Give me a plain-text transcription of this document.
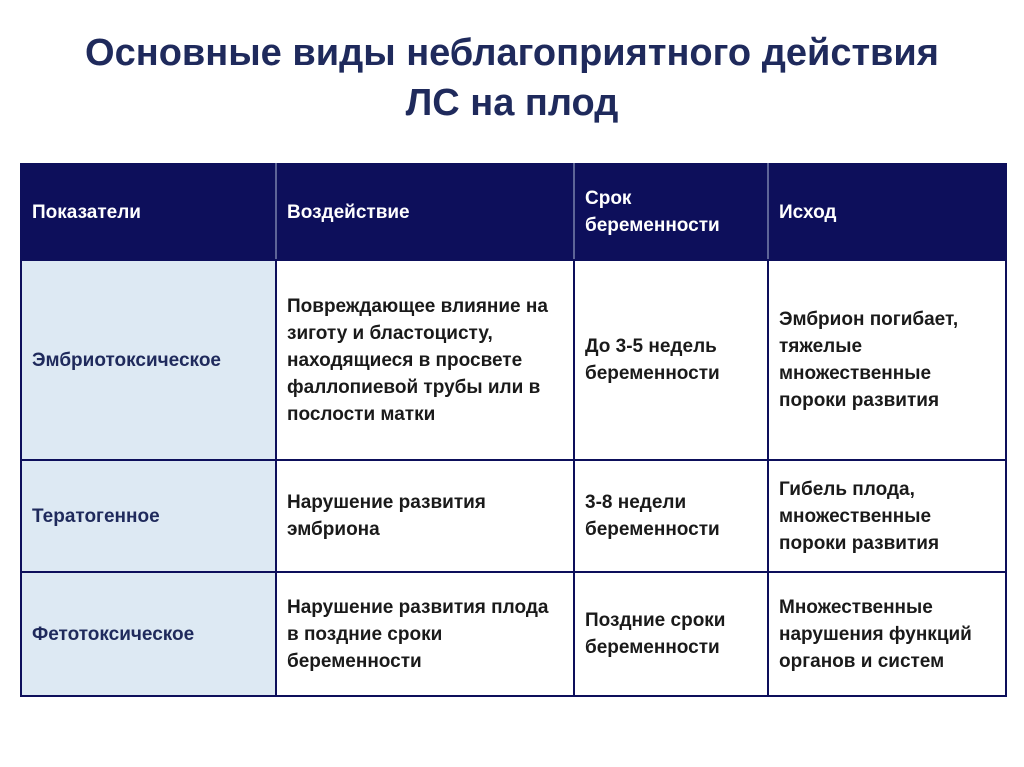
Основные виды неблагоприятного действия
ЛС на плод
Показатели	Воздействие	Срок беременности	Исход
Эмбриотоксическое	Повреждающее влияние на зиготу и бластоцисту, находящиеся в просвете фаллопиевой трубы или в послости матки	До 3-5 недель беременности	Эмбрион погибает, тяжелые множественные пороки развития
Тератогенное	Нарушение развития эмбриона	3-8 недели беременности	Гибель плода, множественные пороки развития
Фетотоксическое	Нарушение развития плода в поздние сроки беременности	Поздние сроки беременности	Множественные нарушения функций органов и систем
